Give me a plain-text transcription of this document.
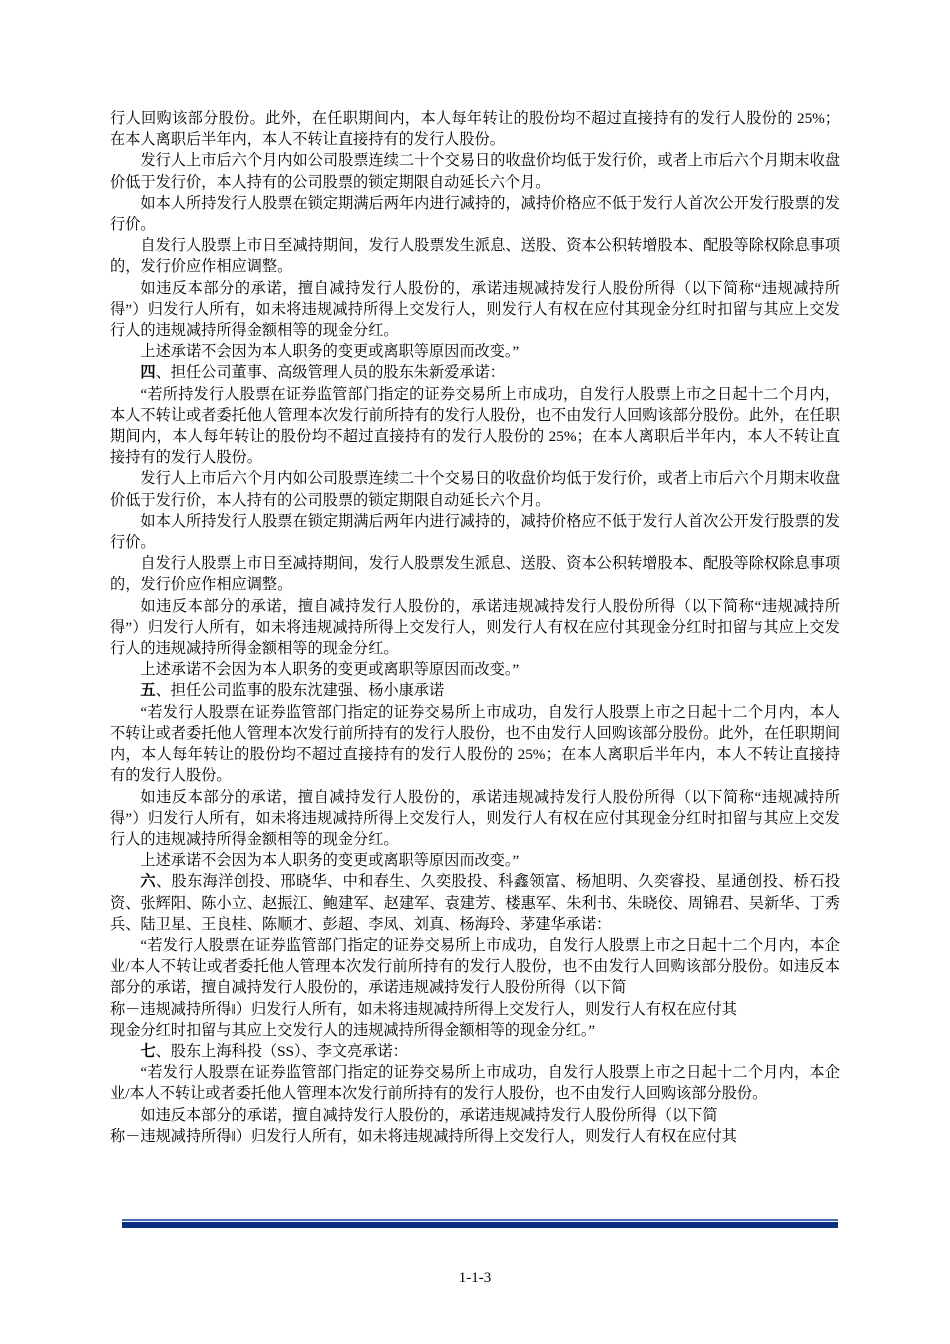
行人回购该部分股份。此外，在任职期间内，本人每年转让的股份均不超过直接持有的发行人股份的 25%；在本人离职后半年内，本人不转让直接持有的发行人股份。

发行人上市后六个月内如公司股票连续二十个交易日的收盘价均低于发行价，或者上市后六个月期末收盘价低于发行价，本人持有的公司股票的锁定期限自动延长六个月。

如本人所持发行人股票在锁定期满后两年内进行减持的，减持价格应不低于发行人首次公开发行股票的发行价。

自发行人股票上市日至减持期间，发行人股票发生派息、送股、资本公积转增股本、配股等除权除息事项的，发行价应作相应调整。

如违反本部分的承诺，擅自减持发行人股份的，承诺违规减持发行人股份所得（以下简称“违规减持所得”）归发行人所有，如未将违规减持所得上交发行人，则发行人有权在应付其现金分红时扣留与其应上交发行人的违规减持所得金额相等的现金分红。

上述承诺不会因为本人职务的变更或离职等原因而改变。”

四、担任公司董事、高级管理人员的股东朱新爱承诺：

“若所持发行人股票在证券监管部门指定的证券交易所上市成功，自发行人股票上市之日起十二个月内，本人不转让或者委托他人管理本次发行前所持有的发行人股份，也不由发行人回购该部分股份。此外，在任职期间内，本人每年转让的股份均不超过直接持有的发行人股份的 25%；在本人离职后半年内，本人不转让直接持有的发行人股份。

发行人上市后六个月内如公司股票连续二十个交易日的收盘价均低于发行价，或者上市后六个月期末收盘价低于发行价，本人持有的公司股票的锁定期限自动延长六个月。

如本人所持发行人股票在锁定期满后两年内进行减持的，减持价格应不低于发行人首次公开发行股票的发行价。

自发行人股票上市日至减持期间，发行人股票发生派息、送股、资本公积转增股本、配股等除权除息事项的，发行价应作相应调整。

如违反本部分的承诺，擅自减持发行人股份的，承诺违规减持发行人股份所得（以下简称“违规减持所得”）归发行人所有，如未将违规减持所得上交发行人，则发行人有权在应付其现金分红时扣留与其应上交发行人的违规减持所得金额相等的现金分红。

上述承诺不会因为本人职务的变更或离职等原因而改变。”

五、担任公司监事的股东沈建强、杨小康承诺

“若发行人股票在证券监管部门指定的证券交易所上市成功，自发行人股票上市之日起十二个月内，本人不转让或者委托他人管理本次发行前所持有的发行人股份，也不由发行人回购该部分股份。此外，在任职期间内，本人每年转让的股份均不超过直接持有的发行人股份的 25%；在本人离职后半年内，本人不转让直接持有的发行人股份。

如违反本部分的承诺，擅自减持发行人股份的，承诺违规减持发行人股份所得（以下简称“违规减持所得”）归发行人所有，如未将违规减持所得上交发行人，则发行人有权在应付其现金分红时扣留与其应上交发行人的违规减持所得金额相等的现金分红。

上述承诺不会因为本人职务的变更或离职等原因而改变。”

六、股东海洋创投、邢晓华、中和春生、久奕股投、科鑫领富、杨旭明、久奕睿投、星通创投、桥石投资、张辉阳、陈小立、赵振江、鲍建军、赵建军、袁建芳、楼惠军、朱利书、朱晓佼、周锦君、吴新华、丁秀兵、陆卫星、王良桂、陈顺才、彭超、李凤、刘真、杨海玲、茅建华承诺：

“若发行人股票在证券监管部门指定的证券交易所上市成功，自发行人股票上市之日起十二个月内，本企业/本人不转让或者委托他人管理本次发行前所持有的发行人股份，也不由发行人回购该部分股份。如违反本部分的承诺，擅自减持发行人股份的，承诺违规减持发行人股份所得（以下简

称－违规减持所得‖）归发行人所有，如未将违规减持所得上交发行人，则发行人有权在应付其

现金分红时扣留与其应上交发行人的违规减持所得金额相等的现金分红。”

七、股东上海科投（SS）、李文亮承诺：

“若发行人股票在证券监管部门指定的证券交易所上市成功，自发行人股票上市之日起十二个月内，本企业/本人不转让或者委托他人管理本次发行前所持有的发行人股份，也不由发行人回购该部分股份。

如违反本部分的承诺，擅自减持发行人股份的，承诺违规减持发行人股份所得（以下简

称－违规减持所得‖）归发行人所有，如未将违规减持所得上交发行人，则发行人有权在应付其

1-1-3
